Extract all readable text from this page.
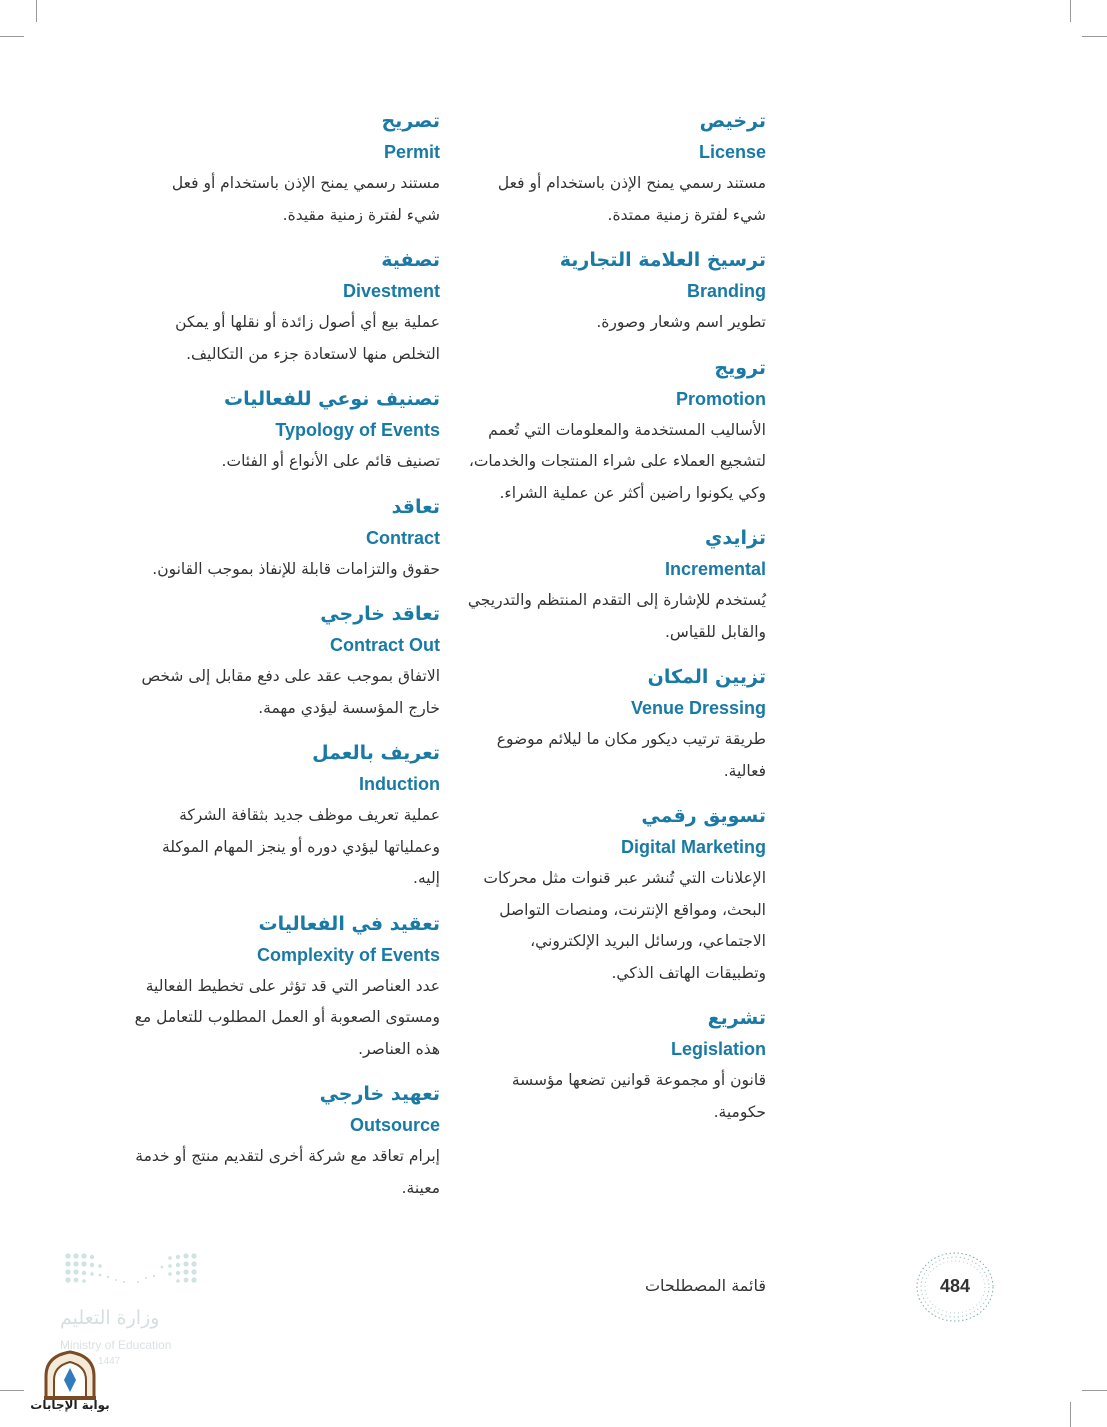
ترخيص

License

مستند رسمي يمنح الإذن باستخدام أو فعل شيء لفترة زمنية ممتدة.

ترسيخ العلامة التجارية

Branding

تطوير اسم وشعار وصورة.

ترويج

Promotion

الأساليب المستخدمة والمعلومات التي تُعمم لتشجيع العملاء على شراء المنتجات والخدمات، وكي يكونوا راضين أكثر عن عملية الشراء.

تزايدي

Incremental

يُستخدم للإشارة إلى التقدم المنتظم والتدريجي والقابل للقياس.

تزيين المكان

Venue Dressing

طريقة ترتيب ديكور مكان ما ليلائم موضوع فعالية.

تسويق رقمي

Digital Marketing

الإعلانات التي تُنشر عبر قنوات مثل محركات البحث، ومواقع الإنترنت، ومنصات التواصل الاجتماعي، ورسائل البريد الإلكتروني، وتطبيقات الهاتف الذكي.

تشريع

Legislation

قانون أو مجموعة قوانين تضعها مؤسسة حكومية.

تصريح

Permit

مستند رسمي يمنح الإذن باستخدام أو فعل شيء لفترة زمنية مقيدة.

تصفية

Divestment

عملية بيع أي أصول زائدة أو نقلها أو يمكن التخلص منها لاستعادة جزء من التكاليف.

تصنيف نوعي للفعاليات

Typology of Events

تصنيف قائم على الأنواع أو الفئات.

تعاقد

Contract

حقوق والتزامات قابلة للإنفاذ بموجب القانون.

تعاقد خارجي

Contract Out

الاتفاق بموجب عقد على دفع مقابل إلى شخص خارج المؤسسة ليؤدي مهمة.

تعريف بالعمل

Induction

عملية تعريف موظف جديد بثقافة الشركة وعملياتها ليؤدي دوره أو ينجز المهام الموكلة إليه.

تعقيد في الفعاليات

Complexity of Events

عدد العناصر التي قد تؤثر على تخطيط الفعالية ومستوى الصعوبة أو العمل المطلوب للتعامل مع هذه العناصر.

تعهيد خارجي

Outsource

إبرام تعاقد مع شركة أخرى لتقديم منتج أو خدمة معينة.

قائمة المصطلحات	484
وزارة التعليم
Ministry of Education
1447
بوابة الإجابات
